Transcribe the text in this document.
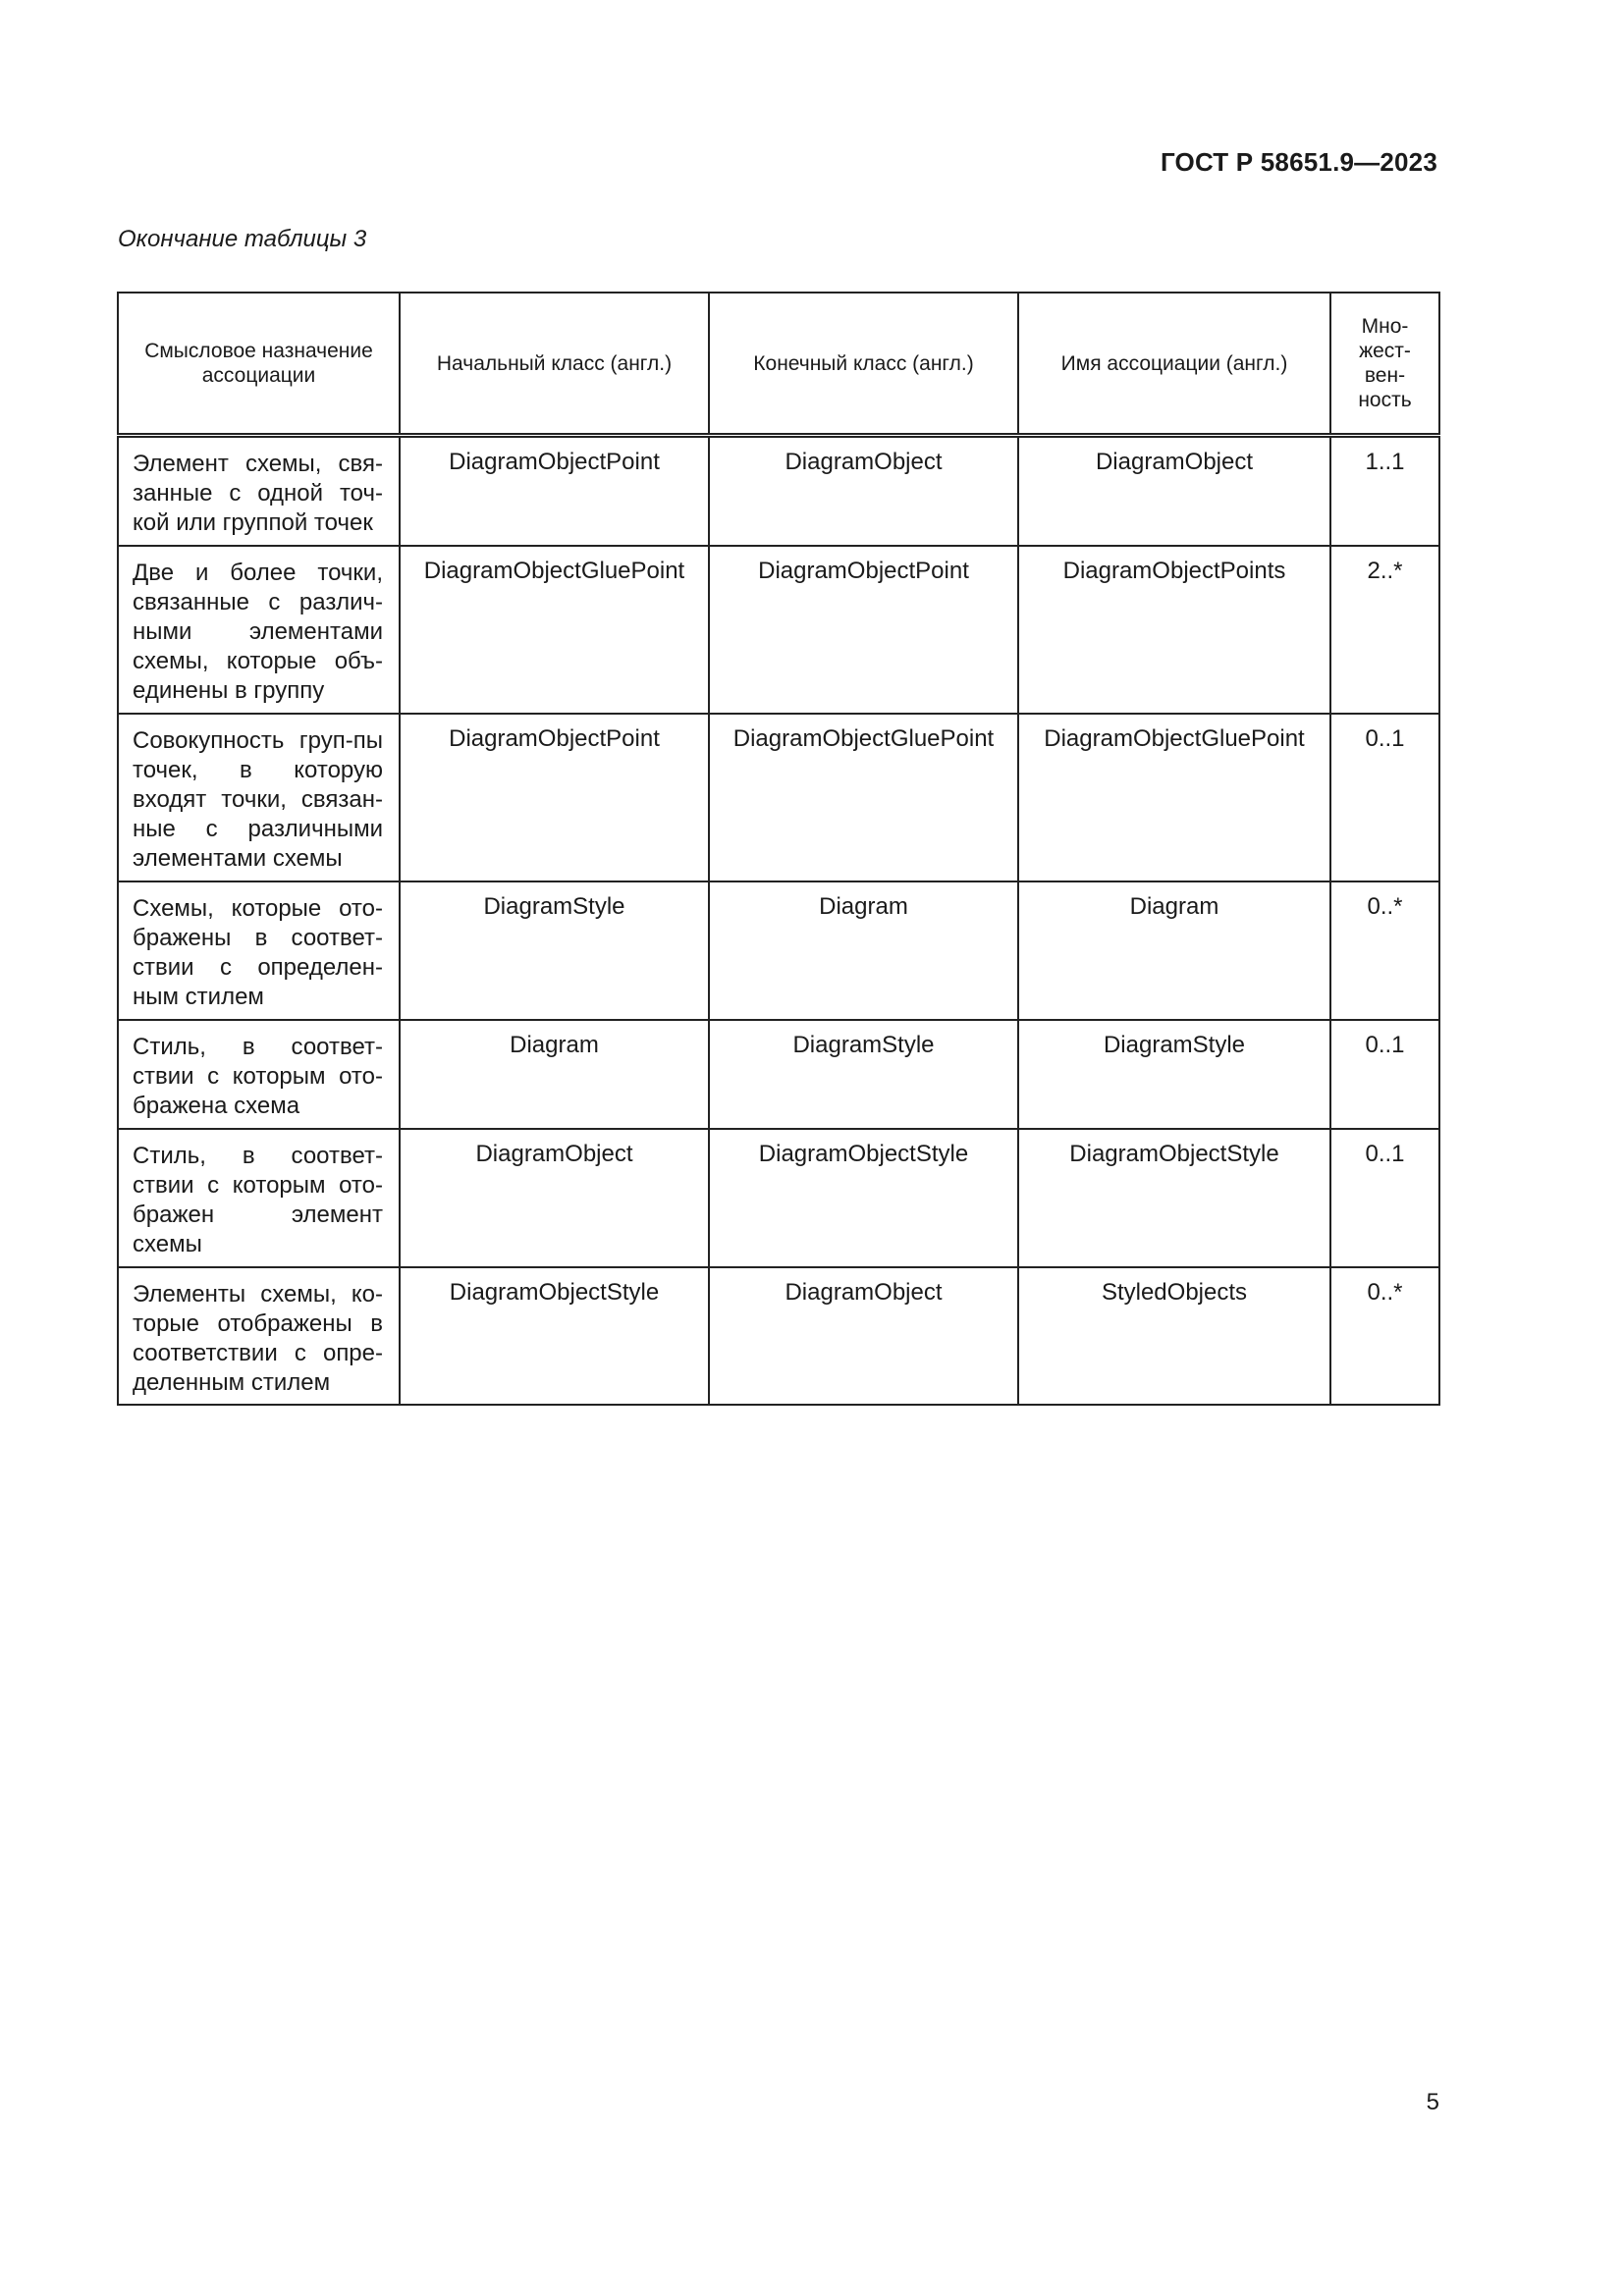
ГОСТ Р 58651.9—2023
Окончание таблицы 3
Смысловое назначение ассоциации	Начальный класс (англ.)	Конечный класс (англ.)	Имя ассоциации (англ.)	Мно-жест-вен-ность
Элемент схемы, свя-занные с одной точ-кой или группой точек	DiagramObjectPoint	DiagramObject	DiagramObject	1..1
Две и более точки, связанные с различ-ными элементами схемы, которые объ-единены в группу	DiagramObjectGluePoint	DiagramObjectPoint	DiagramObjectPoints	2..*
Совокупность груп-пы точек, в которую входят точки, связан-ные с различными элементами схемы	DiagramObjectPoint	DiagramObjectGluePoint	DiagramObjectGluePoint	0..1
Схемы, которые ото-бражены в соответ-ствии с определен-ным стилем	DiagramStyle	Diagram	Diagram	0..*
Стиль, в соответ-ствии с которым ото-бражена схема	Diagram	DiagramStyle	DiagramStyle	0..1
Стиль, в соответ-ствии с которым ото-бражен элемент схемы	DiagramObject	DiagramObjectStyle	DiagramObjectStyle	0..1
Элементы схемы, ко-торые отображены в соответствии с опре-деленным стилем	DiagramObjectStyle	DiagramObject	StyledObjects	0..*
5
